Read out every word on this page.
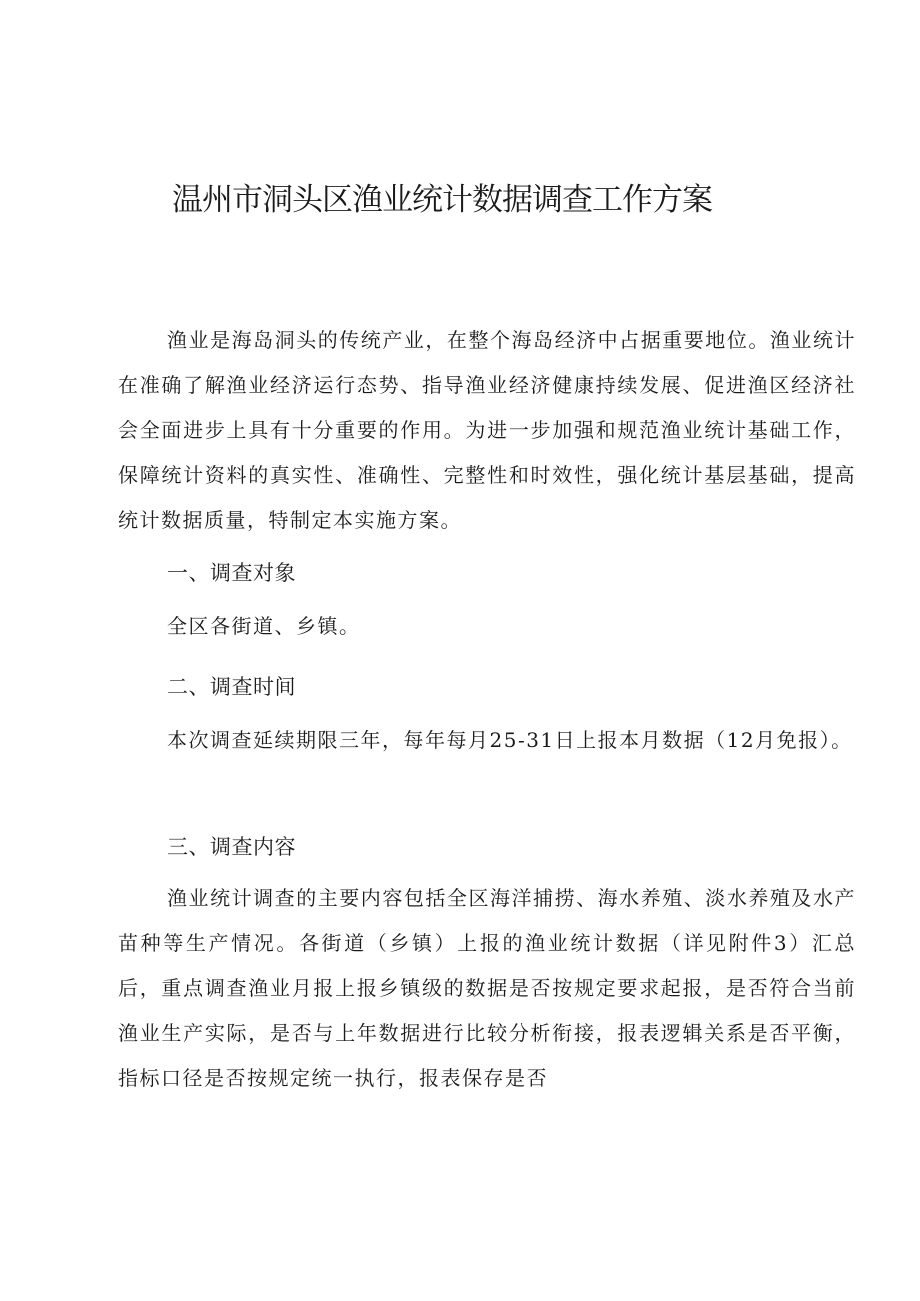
温州市洞头区渔业统计数据调查工作方案

渔业是海岛洞头的传统产业，在整个海岛经济中占据重要地位。渔业统计在准确了解渔业经济运行态势、指导渔业经济健康持续发展、促进渔区经济社会全面进步上具有十分重要的作用。为进一步加强和规范渔业统计基础工作，保障统计资料的真实性、准确性、完整性和时效性，强化统计基层基础，提高统计数据质量，特制定本实施方案。

一、调查对象

全区各街道、乡镇。

二、调查时间

本次调查延续期限三年，每年每月25-31日上报本月数据（12月免报）。

三、调查内容

渔业统计调查的主要内容包括全区海洋捕捞、海水养殖、淡水养殖及水产苗种等生产情况。各街道（乡镇）上报的渔业统计数据（详见附件3）汇总后，重点调查渔业月报上报乡镇级的数据是否按规定要求起报，是否符合当前渔业生产实际，是否与上年数据进行比较分析衔接，报表逻辑关系是否平衡，指标口径是否按规定统一执行，报表保存是否
